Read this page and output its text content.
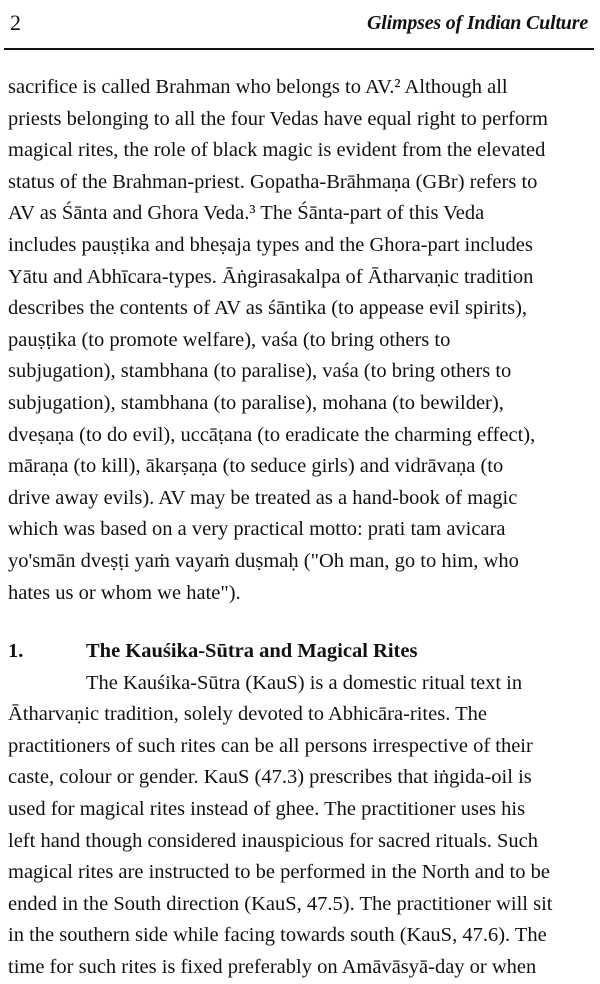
2	Glimpses of Indian Culture
sacrifice is called Brahman who belongs to AV.² Although all
priests belonging to all the four Vedas have equal right to perform
magical rites, the role of black magic is evident from the elevated
status of the Brahman-priest. Gopatha-Brāhmaṇa (GBr) refers to
AV as Śānta and Ghora Veda.³ The Śānta-part of this Veda
includes pauṣṭika and bheṣaja types and the Ghora-part includes
Yātu and Abhīcara-types. Āṅgirasakalpa of Ātharvaṇic tradition
describes the contents of AV as śāntika (to appease evil spirits),
pauṣṭika (to promote welfare), vaśa (to bring others to
subjugation), stambhana (to paralise), vaśa (to bring others to
subjugation), stambhana (to paralise), mohana (to bewilder),
dveṣaṇa (to do evil), uccāṭana (to eradicate the charming effect),
māraṇa (to kill), ākarṣaṇa (to seduce girls) and vidrāvaṇa (to
drive away evils). AV may be treated as a hand-book of magic
which was based on a very practical motto: prati tam avicara
yo'smān dveṣṭi yaṁ vayaṁ duṣmaḥ ("Oh man, go to him, who
hates us or whom we hate").
1.	The Kauśika-Sūtra and Magical Rites
The Kauśika-Sūtra (KauS) is a domestic ritual text in
Ātharvaṇic tradition, solely devoted to Abhicāra-rites. The
practitioners of such rites can be all persons irrespective of their
caste, colour or gender. KauS (47.3) prescribes that iṅgida-oil is
used for magical rites instead of ghee. The practitioner uses his
left hand though considered inauspicious for sacred rituals. Such
magical rites are instructed to be performed in the North and to be
ended in the South direction (KauS, 47.5). The practitioner will sit
in the southern side while facing towards south (KauS, 47.6). The
time for such rites is fixed preferably on Amāvāsyā-day or when
